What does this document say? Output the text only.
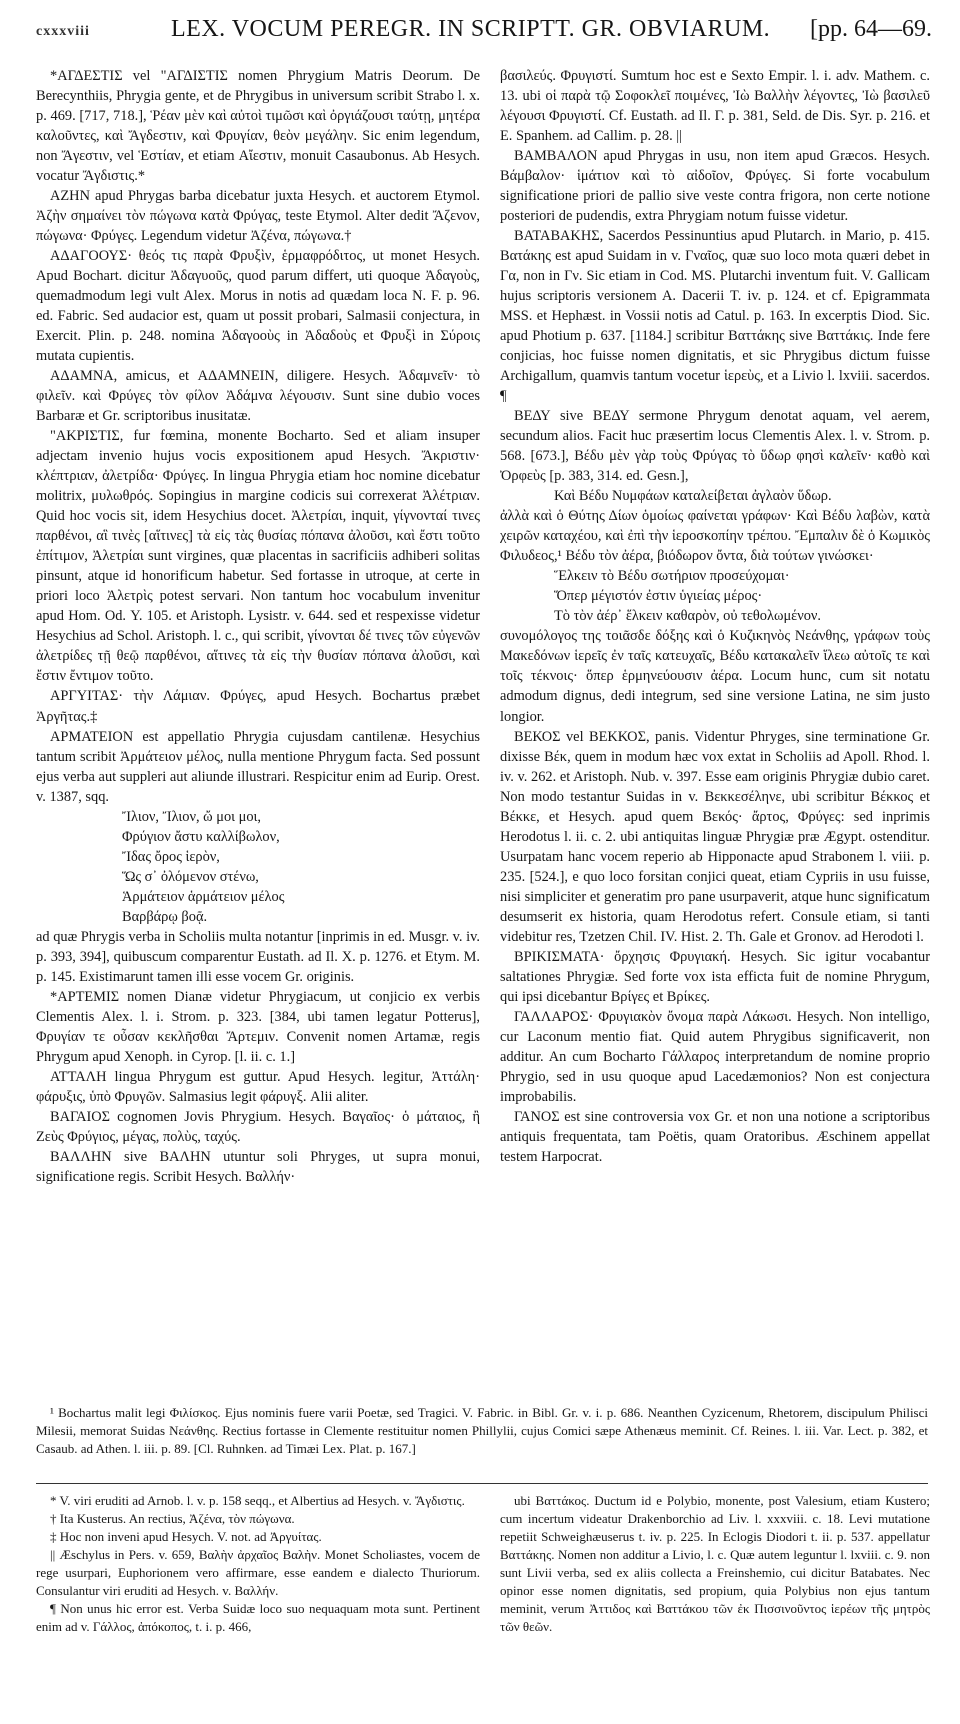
cxxxviii	LEX. VOCUM PEREGR. IN SCRIPTT. GR. OBVIARUM. [pp. 64—69.

*ΑΓΔΕΣΤΙΣ vel "ΑΓΔΙΣΤΙΣ nomen Phrygium Matris Deorum. De Berecynthiis, Phrygia gente, et de Phrygibus in universum scribit Strabo l. x. p. 469. [717, 718.], Ῥέαν μὲν καὶ αὐτοὶ τιμῶσι καὶ ὀργιάζουσι ταύτῃ, μητέρα καλοῦντες, καὶ Ἄγδεστιν, καὶ Φρυγίαν, θεὸν μεγάλην. Sic enim legendum, non Ἄγεστιν, vel Ἑστίαν, et etiam Αἴεστιν, monuit Casaubonus. Ab Hesych. vocatur Ἄγδιστις.*

ΑΖΗΝ apud Phrygas barba dicebatur juxta Hesych. et auctorem Etymol. Ἀζὴν σημαίνει τὸν πώγωνα κατὰ Φρύγας, teste Etymol. Alter dedit Ἄζενον, πώγωνα· Φρύγες. Legendum videtur Ἀζένα, πώγωνα.†

ΑΔΑΓΟΟΥΣ· θεός τις παρὰ Φρυξὶν, ἑρμαφρόδιτος, ut monet Hesych. Apud Bochart. dicitur Ἀδαγυοῦς, quod parum differt, uti quoque Ἀδαγοὺς, quemadmodum legi vult Alex. Morus in notis ad quædam loca N. F. p. 96. ed. Fabric. Sed audacior est, quam ut possit probari, Salmasii conjectura, in Exercit. Plin. p. 248. nomina Ἀδαγοοὺς in Ἀδαδοὺς et Φρυξὶ in Σύροις mutata cupientis.

ΑΔΑΜΝΑ, amicus, et ΑΔΑΜΝΕΙΝ, diligere. Hesych. Ἀδαμνεῖν· τὸ φιλεῖν. καὶ Φρύγες τὸν φίλον Ἀδάμνα λέγουσιν. Sunt sine dubio voces Barbaræ et Gr. scriptoribus inusitatæ.

"ΑΚΡΙΣΤΙΣ, fur fœmina, monente Bocharto. Sed et aliam insuper adjectam invenio hujus vocis expositionem apud Hesych. Ἄκριστιν· κλέπτριαν, ἀλετρίδα· Φρύγες. In lingua Phrygia etiam hoc nomine dicebatur molitrix, μυλωθρός. Sopingius in margine codicis sui correxerat Ἀλέτριαν. Quid hoc vocis sit, idem Hesychius docet. Ἀλετρίαι, inquit, γίγνονταί τινες παρθένοι, αἳ τινὲς [αἵτινες] τὰ εἰς τὰς θυσίας πόπανα ἀλοῦσι, καὶ ἔστι τοῦτο ἐπίτιμον, Ἀλετρίαι sunt virgines, quæ placentas in sacrificiis adhiberi solitas pinsunt, atque id honorificum habetur. Sed fortasse in utroque, at certe in priori loco Ἀλετρὶς potest servari. Non tantum hoc vocabulum invenitur apud Hom. Od. Υ. 105. et Aristoph. Lysistr. v. 644. sed et respexisse videtur Hesychius ad Schol. Aristoph. l. c., qui scribit, γίνονται δέ τινες τῶν εὐγενῶν ἀλετρίδες τῇ θεῷ παρθένοι, αἵτινες τὰ εἰς τὴν θυσίαν πόπανα ἀλοῦσι, καὶ ἔστιν ἔντιμον τοῦτο.

ΑΡΓΥΙΤΑΣ· τὴν Λάμιαν. Φρύγες, apud Hesych. Bochartus præbet Ἀργῆτας.‡

ΑΡΜΑΤΕΙΟΝ est appellatio Phrygia cujusdam cantilenæ. Hesychius tantum scribit Ἀρμάτειον μέλος, nulla mentione Phrygum facta. Sed possunt ejus verba aut suppleri aut aliunde illustrari. Respicitur enim ad Eurip. Orest. v. 1387, sqq.

Ἴλιον, Ἴλιον, ὤ μοι μοι,

Φρύγιον ἄστυ καλλίβωλον,

Ἴδας ὄρος ἱερὸν,

Ὥς σ᾽ ὀλόμενον στένω,

Ἁρμάτειον ἁρμάτειον μέλος

Βαρβάρῳ βοᾷ.

ad quæ Phrygis verba in Scholiis multa notantur [inprimis in ed. Musgr. v. iv. p. 393, 394], quibuscum comparentur Eustath. ad Il. Χ. p. 1276. et Etym. M. p. 145. Existimarunt tamen illi esse vocem Gr. originis.

*ΑΡΤΕΜΙΣ nomen Dianæ videtur Phrygiacum, ut conjicio ex verbis Clementis Alex. l. i. Strom. p. 323. [384, ubi tamen legatur Potterus], Φρυγίαν τε οὖσαν κεκλῆσθαι Ἄρτεμιν. Convenit nomen Artamæ, regis Phrygum apud Xenoph. in Cyrop. [l. ii. c. 1.]

ΑΤΤΑΛΗ lingua Phrygum est guttur. Apud Hesych. legitur, Ἀττάλη· φάρυξις, ὑπὸ Φρυγῶν. Salmasius legit φάρυγξ. Alii aliter.

ΒΑΓΑΙΟΣ cognomen Jovis Phrygium. Hesych. Βαγαῖος· ὁ μάταιος, ἢ Ζεὺς Φρύγιος, μέγας, πολὺς, ταχύς.

ΒΑΛΛΗΝ sive ΒΑΛΗΝ utuntur soli Phryges, ut supra monui, significatione regis. Scribit Hesych. Βαλλήν·

βασιλεύς. Φρυγιστί. Sumtum hoc est e Sexto Empir. l. i. adv. Mathem. c. 13. ubi οἱ παρὰ τῷ Σοφοκλεῖ ποιμένες, Ἰὼ Βαλλὴν λέγοντες, Ἰὼ βασιλεῦ λέγουσι Φρυγιστί. Cf. Eustath. ad Il. Γ. p. 381, Seld. de Dis. Syr. p. 216. et E. Spanhem. ad Callim. p. 28. ||

ΒΑΜΒΑΛΟΝ apud Phrygas in usu, non item apud Græcos. Hesych. Βάμβαλον· ἱμάτιον καὶ τὸ αἰδοῖον, Φρύγες. Si forte vocabulum significatione priori de pallio sive veste contra frigora, non certe notione posteriori de pudendis, extra Phrygiam notum fuisse videtur.

ΒΑΤΑΒΑΚΗΣ, Sacerdos Pessinuntius apud Plutarch. in Mario, p. 415. Βατάκης est apud Suidam in v. Γναῖος, quæ suo loco mota quæri debet in Γα, non in Γν. Sic etiam in Cod. MS. Plutarchi inventum fuit. V. Gallicam hujus scriptoris versionem A. Dacerii T. iv. p. 124. et cf. Epigrammata MSS. et Hephæst. in Vossii notis ad Catul. p. 163. In excerptis Diod. Sic. apud Photium p. 637. [1184.] scribitur Βαττάκης sive Βαττάκις. Inde fere conjicias, hoc fuisse nomen dignitatis, et sic Phrygibus dictum fuisse Archigallum, quamvis tantum vocetur ἱερεὺς, et a Livio l. lxviii. sacerdos. ¶

ΒΕΔΥ sive ΒΕΔΥ sermone Phrygum denotat aquam, vel aerem, secundum alios. Facit huc præsertim locus Clementis Alex. l. v. Strom. p. 568. [673.], Βέδυ μὲν γὰρ τοὺς Φρύγας τὸ ὕδωρ φησὶ καλεῖν· καθὸ καὶ Ὀρφεὺς [p. 383, 314. ed. Gesn.],

Καὶ Βέδυ Νυμφάων καταλείβεται ἀγλαὸν ὕδωρ.

ἀλλὰ καὶ ὁ Θύτης Δίων ὁμοίως φαίνεται γράφων· Καὶ Βέδυ λαβὼν, κατὰ χειρῶν καταχέου, καὶ ἐπὶ τὴν ἱεροσκοπίην τρέπου. Ἔμπαλιν δὲ ὁ Κωμικὸς Φιλυδεος,¹ Βέδυ τὸν ἀέρα, βιόδωρον ὄντα, διὰ τούτων γινώσκει·

Ἕλκειν τὸ Βέδυ σωτήριον προσεύχομαι·

Ὅπερ μέγιστόν ἐστιν ὑγιείας μέρος·

Τὸ τὸν ἀέρ᾽ ἕλκειν καθαρὸν, οὐ τεθολωμένον.

συνομόλογος της τοιᾶσδε δόξης καὶ ὁ Κυζικηνὸς Νεάνθης, γράφων τοὺς Μακεδόνων ἱερεῖς ἐν ταῖς κατευχαῖς, Βέδυ κατακαλεῖν ἵλεω αὐτοῖς τε καὶ τοῖς τέκνοις· ὅπερ ἑρμηνεύουσιν ἀέρα. Locum hunc, cum sit notatu admodum dignus, dedi integrum, sed sine versione Latina, ne sim justo longior.

ΒΕΚΟΣ vel ΒΕΚΚΟΣ, panis. Videntur Phryges, sine terminatione Gr. dixisse Βέκ, quem in modum hæc vox extat in Scholiis ad Apoll. Rhod. l. iv. v. 262. et Aristoph. Nub. v. 397. Esse eam originis Phrygiæ dubio caret. Non modo testantur Suidas in v. Βεκκεσέληνε, ubi scribitur Βέκκος et Βέκκε, et Hesych. apud quem Βεκός· ἄρτος, Φρύγες: sed inprimis Herodotus l. ii. c. 2. ubi antiquitas linguæ Phrygiæ præ Ægypt. ostenditur. Usurpatam hanc vocem reperio ab Hipponacte apud Strabonem l. viii. p. 235. [524.], e quo loco forsitan conjici queat, etiam Cypriis in usu fuisse, nisi simpliciter et generatim pro pane usurpaverit, atque hunc significatum desumserit ex historia, quam Herodotus refert. Consule etiam, si tanti videbitur res, Tzetzen Chil. IV. Hist. 2. Th. Gale et Gronov. ad Herodoti l.

ΒΡΙΚΙΣΜΑΤΑ· ὄρχησις Φρυγιακή. Hesych. Sic igitur vocabantur saltationes Phrygiæ. Sed forte vox ista efficta fuit de nomine Phrygum, qui ipsi dicebantur Βρίγες et Βρίκες.

ΓΑΛΛΑΡΟΣ· Φρυγιακὸν ὄνομα παρὰ Λάκωσι. Hesych. Non intelligo, cur Laconum mentio fiat. Quid autem Phrygibus significaverit, non additur. An cum Bocharto Γάλλαρος interpretandum de nomine proprio Phrygio, sed in usu quoque apud Lacedæmonios? Non est conjectura improbabilis.

ΓΑΝΟΣ est sine controversia vox Gr. et non una notione a scriptoribus antiquis frequentata, tam Poëtis, quam Oratoribus. Æschinem appellat testem Harpocrat.

¹ Bochartus malit legi Φιλίσκος. Ejus nominis fuere varii Poetæ, sed Tragici. V. Fabric. in Bibl. Gr. v. i. p. 686. Neanthen Cyzicenum, Rhetorem, discipulum Philisci Milesii, memorat Suidas Νεάνθης. Rectius fortasse in Clemente restituitur nomen Phillylii, cujus Comici sæpe Athenæus meminit. Cf. Reines. l. iii. Var. Lect. p. 382, et Casaub. ad Athen. l. iii. p. 89. [Cl. Ruhnken. ad Timæi Lex. Plat. p. 167.]

* V. viri eruditi ad Arnob. l. v. p. 158 seqq., et Albertius ad Hesych. v. Ἄγδιστις.

† Ita Kusterus. An rectius, Ἀζένα, τὸν πώγωνα.

‡ Hoc non inveni apud Hesych. V. not. ad Ἀργυίτας.

|| Æschylus in Pers. v. 659, Βαλὴν ἀρχαῖος Βαλὴν. Monet Scholiastes, vocem de rege usurpari, Euphorionem vero affirmare, esse eandem e dialecto Thuriorum. Consulantur viri eruditi ad Hesych. v. Βαλλήν.

¶ Non unus hic error est. Verba Suidæ loco suo nequaquam mota sunt. Pertinent enim ad v. Γάλλος, ἀπόκοπος, t. i. p. 466,

ubi Βαττάκος. Ductum id e Polybio, monente, post Valesium, etiam Kustero; cum incertum videatur Drakenborchio ad Liv. l. xxxviii. c. 18. Levi mutatione repetiit Schweighæuserus t. iv. p. 225. In Eclogis Diodori t. ii. p. 537. appellatur Βαττάκης. Nomen non additur a Livio, l. c. Quæ autem leguntur l. lxviii. c. 9. non sunt Livii verba, sed ex aliis collecta a Freinshemio, cui dicitur Batabates. Nec opinor esse nomen dignitatis, sed propium, quia Polybius non ejus tantum meminit, verum Ἀττιδος καὶ Βαττάκου τῶν ἐκ Πισσινοῦντος ἱερέων τῆς μητρὸς τῶν θεῶν.
